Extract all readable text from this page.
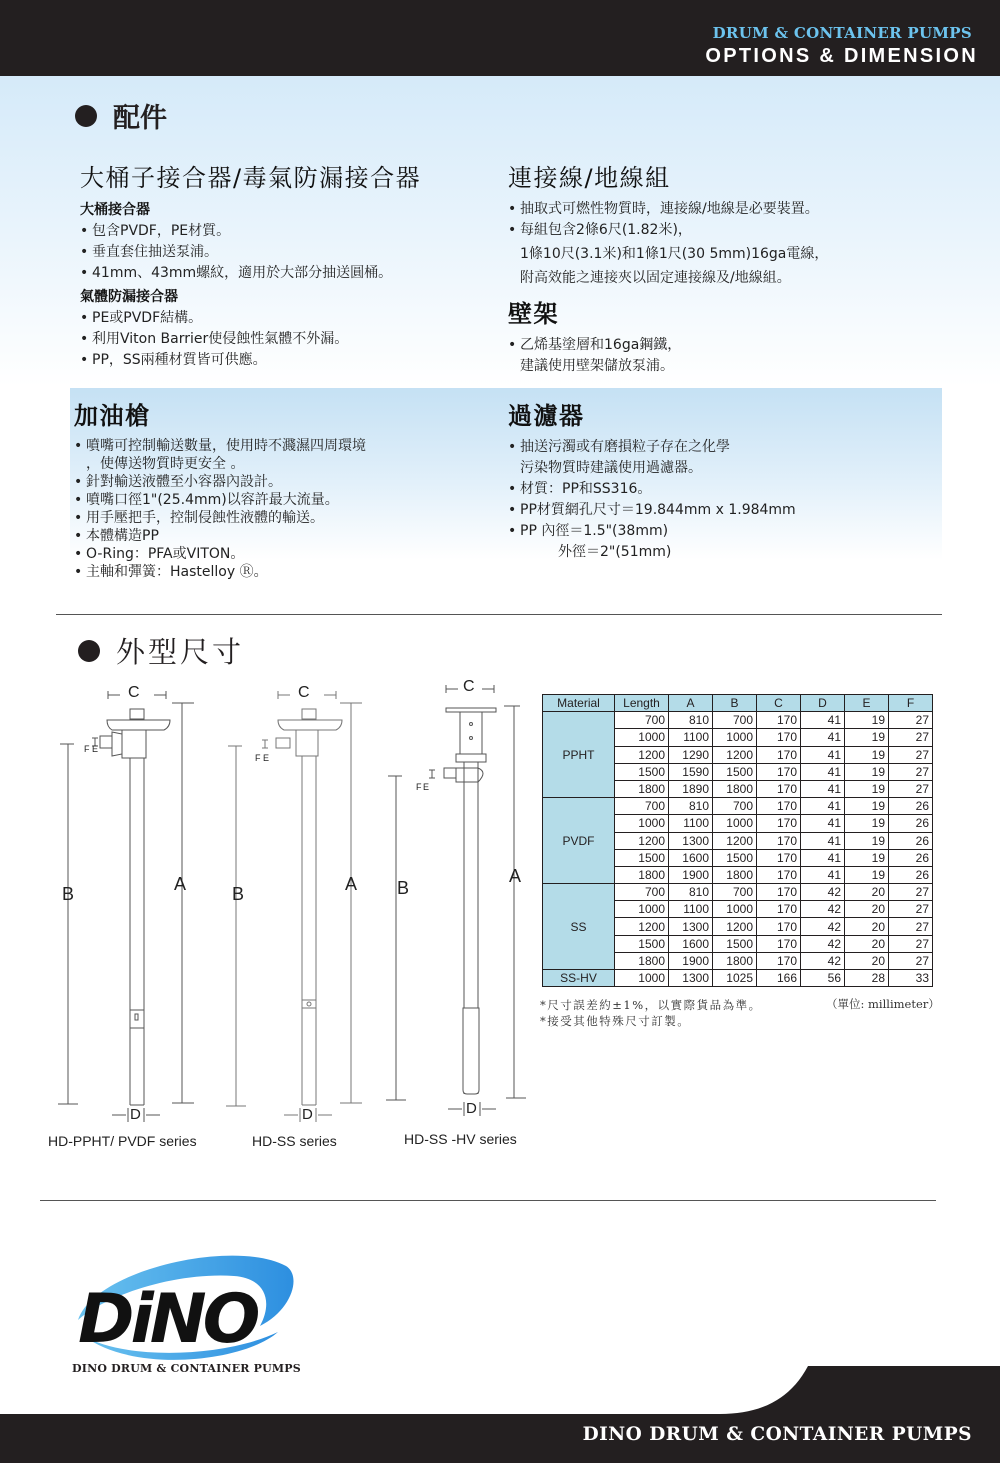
DRUM & CONTAINER PUMPS
OPTIONS & DIMENSION
配件
大桶子接合器/毒氣防漏接合器
大桶接合器
• 包含PVDF，PE材質。
• 垂直套住抽送泵浦。
• 41mm、43mm螺紋，適用於大部分抽送圓桶。
氣體防漏接合器
• PE或PVDF結構。
• 利用Viton Barrier使侵蝕性氣體不外漏。
• PP，SS兩種材質皆可供應。
連接線/地線組
• 抽取式可燃性物質時，連接線/地線是必要裝置。
• 每組包含2條6尺(1.82米)，
1條10尺(3.1米)和1條1尺(30 5mm)16ga電線，
附高效能之連接夾以固定連接線及/地線組。
壁架
• 乙烯基塗層和16ga鋼鐵，
建議使用壁架儲放泵浦。
加油槍
• 噴嘴可控制輸送數量，使用時不濺濕四周環境
，使傳送物質時更安全 。
• 針對輸送液體至小容器內設計。
• 噴嘴口徑1"(25.4mm)以容許最大流量。
• 用手壓把手，控制侵蝕性液體的輸送。
• 本體構造PP
• O-Ring：PFA或VITON。
• 主軸和彈簧：Hastelloy Ⓡ。
過濾器
• 抽送污濁或有磨損粒子存在之化學
污染物質時建議使用過濾器。
• 材質：PP和SS316。
• PP材質網孔尺寸＝19.844mm x 1.984mm
• PP 內徑＝1.5"(38mm)
外徑＝2"(51mm)
外型尺寸
C	C	C
A	A	A
B	B	B
F E
F E
F E
D	D	D
HD-PPHT/ PVDF series	HD-SS series	HD-SS -HV series
Material	Length	A	B	C	D	E	F
PPHT	700	810	700	170	41	19	27
	1000	1100	1000	170	41	19	27
	1200	1290	1200	170	41	19	27
	1500	1590	1500	170	41	19	27
	1800	1890	1800	170	41	19	27
PVDF	700	810	700	170	41	19	26
	1000	1100	1000	170	41	19	26
	1200	1300	1200	170	41	19	26
	1500	1600	1500	170	41	19	26
	1800	1900	1800	170	41	19	26
SS	700	810	700	170	42	20	27
	1000	1100	1000	170	42	20	27
	1200	1300	1200	170	42	20	27
	1500	1600	1500	170	42	20	27
	1800	1900	1800	170	42	20	27
SS-HV	1000	1300	1025	166	56	28	33
*尺寸誤差約±1%，以實際貨品為準。
*接受其他特殊尺寸訂製。
（單位: millimeter）
DiNO
DINO DRUM & CONTAINER PUMPS
DINO DRUM & CONTAINER PUMPS
